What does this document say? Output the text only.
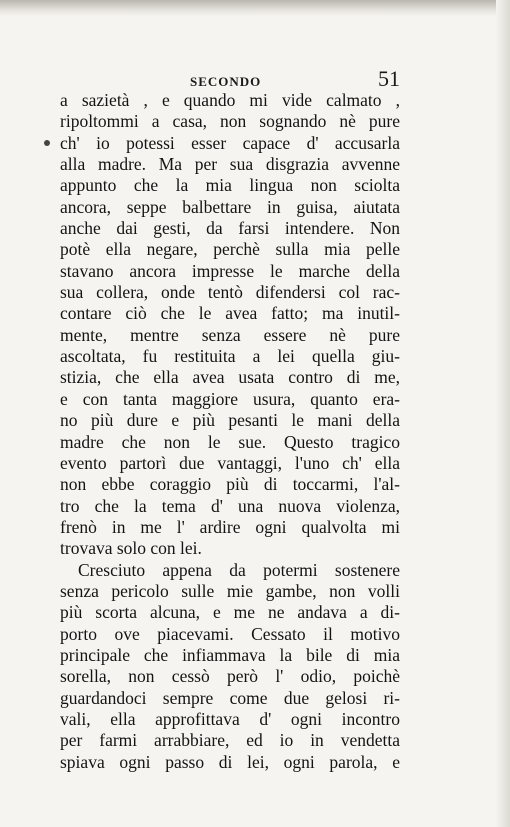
SECONDO	51
a sazietà , e quando mi vide calmato ,
ripoltommi a casa, non sognando nè pure
ch' io potessi esser capace d' accusarla
alla madre. Ma per sua disgrazia avvenne
appunto che la mia lingua non sciolta
ancora, seppe balbettare in guisa, aiutata
anche dai gesti, da farsi intendere. Non
potè ella negare, perchè sulla mia pelle
stavano ancora impresse le marche della
sua collera, onde tentò difendersi col rac-
contare ciò che le avea fatto; ma inutil-
mente, mentre senza essere nè pure
ascoltata, fu restituita a lei quella giu-
stizia, che ella avea usata contro di me,
e con tanta maggiore usura, quanto era-
no più dure e più pesanti le mani della
madre che non le sue. Questo tragico
evento partorì due vantaggi, l'uno ch' ella
non ebbe coraggio più di toccarmi, l'al-
tro che la tema d' una nuova violenza,
frenò in me l' ardire ogni qualvolta mi
trovava solo con lei.
Cresciuto appena da potermi sostenere
senza pericolo sulle mie gambe, non volli
più scorta alcuna, e me ne andava a di-
porto ove piacevami. Cessato il motivo
principale che infiammava la bile di mia
sorella, non cessò però l' odio, poichè
guardandoci sempre come due gelosi ri-
vali, ella approfittava d' ogni incontro
per farmi arrabbiare, ed io in vendetta
spiava ogni passo di lei, ogni parola, e
